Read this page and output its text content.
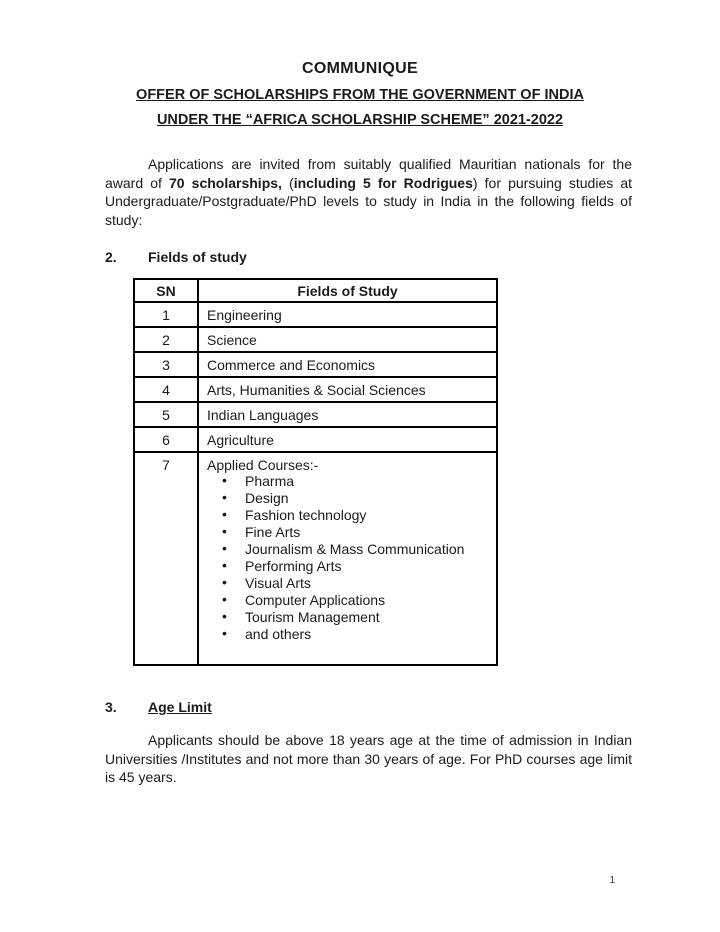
COMMUNIQUE
OFFER OF SCHOLARSHIPS FROM THE GOVERNMENT OF INDIA
UNDER THE “AFRICA SCHOLARSHIP SCHEME” 2021-2022

Applications are invited from suitably qualified Mauritian nationals for the award of 70 scholarships, (including 5 for Rodrigues) for pursuing studies at Undergraduate/Postgraduate/PhD levels to study in India in the following fields of study:

2.	Fields of study
SN	Fields of Study
1	Engineering
2	Science
3	Commerce and Economics
4	Arts, Humanities & Social Sciences
5	Indian Languages
6	Agriculture
7	Applied Courses:-
• Pharma
• Design
• Fashion technology
• Fine Arts
• Journalism & Mass Communication
• Performing Arts
• Visual Arts
• Computer Applications
• Tourism Management
• and others
3.	Age Limit

Applicants should be above 18 years age at the time of admission in Indian Universities /Institutes and not more than 30 years of age. For PhD courses age limit is 45 years.

1
